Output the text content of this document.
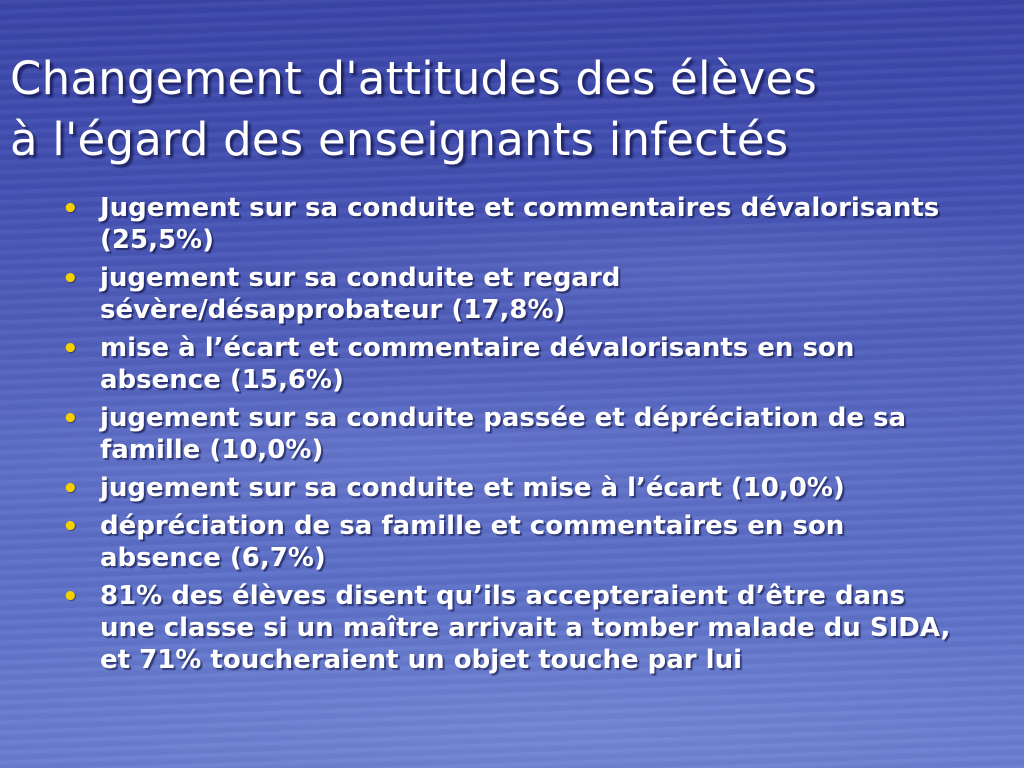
Changement d'attitudes des élèves
à l'égard des enseignants infectés
• Jugement sur sa conduite et commentaires dévalorisants (25,5%)
• jugement sur sa conduite et regard sévère/désapprobateur (17,8%)
• mise à l’écart et commentaire dévalorisants en son absence (15,6%)
• jugement sur sa conduite passée et dépréciation de sa famille (10,0%)
• jugement sur sa conduite et mise à l’écart (10,0%)
• dépréciation de sa famille et commentaires en son absence (6,7%)
• 81% des élèves disent qu’ils accepteraient d’être dans une classe si un maître arrivait a tomber malade du SIDA, et 71% toucheraient un objet touche par lui
